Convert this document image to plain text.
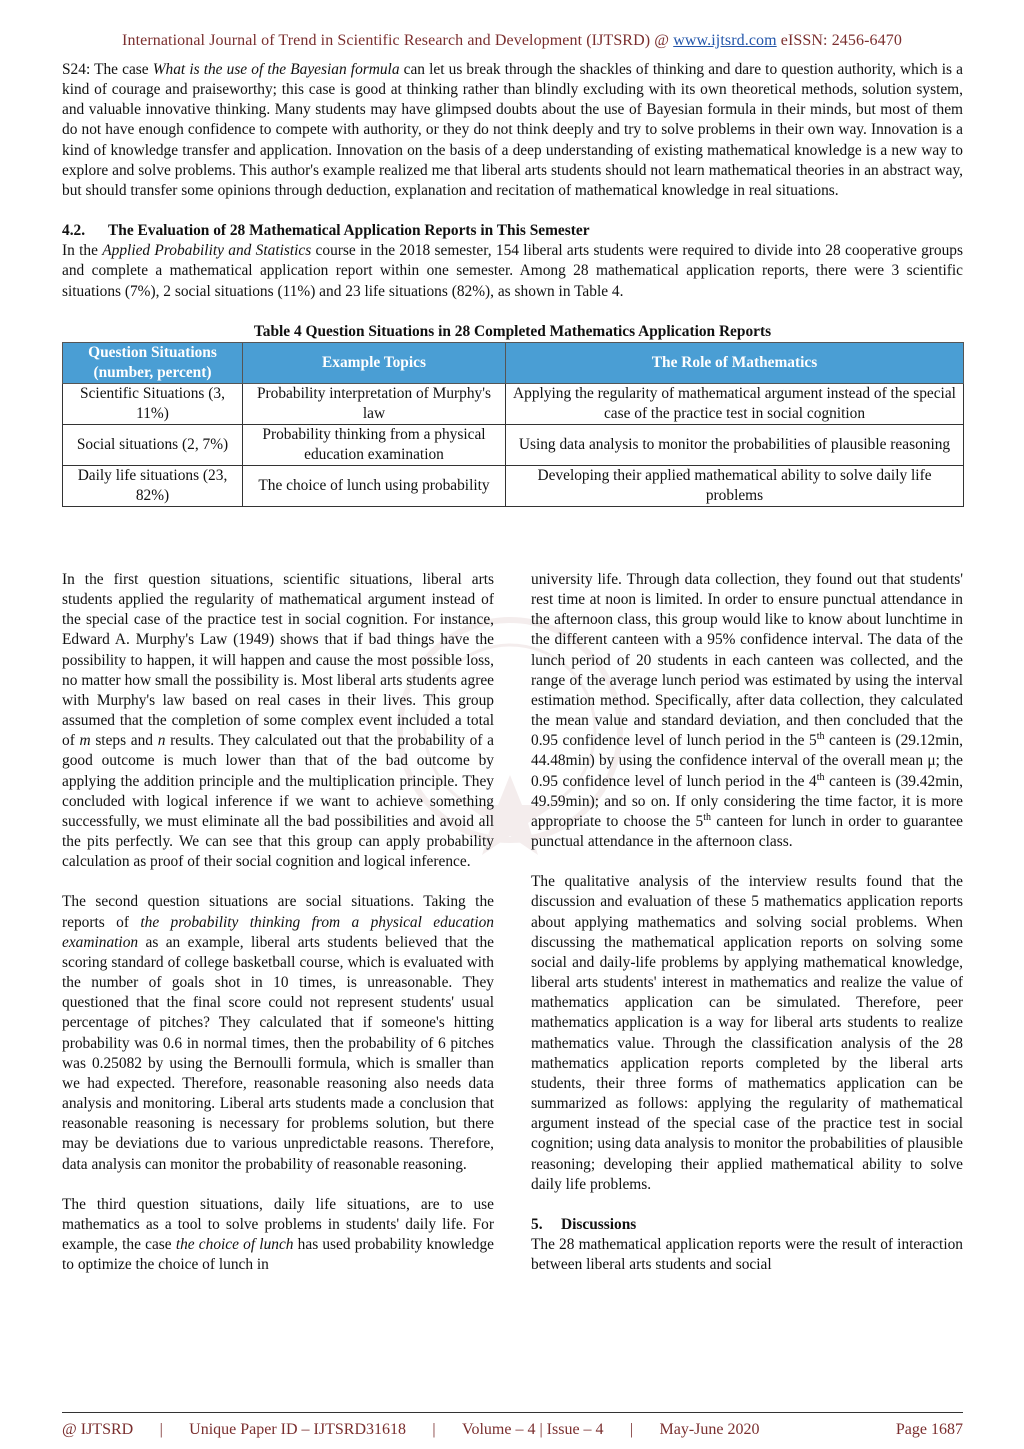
International Journal of Trend in Scientific Research and Development (IJTSRD) @ www.ijtsrd.com eISSN: 2456-6470

S24: The case What is the use of the Bayesian formula can let us break through the shackles of thinking and dare to question authority, which is a kind of courage and praiseworthy; this case is good at thinking rather than blindly excluding with its own theoretical methods, solution system, and valuable innovative thinking. Many students may have glimpsed doubts about the use of Bayesian formula in their minds, but most of them do not have enough confidence to compete with authority, or they do not think deeply and try to solve problems in their own way. Innovation is a kind of knowledge transfer and application. Innovation on the basis of a deep understanding of existing mathematical knowledge is a new way to explore and solve problems. This author's example realized me that liberal arts students should not learn mathematical theories in an abstract way, but should transfer some opinions through deduction, explanation and recitation of mathematical knowledge in real situations.

4.2. The Evaluation of 28 Mathematical Application Reports in This Semester

In the Applied Probability and Statistics course in the 2018 semester, 154 liberal arts students were required to divide into 28 cooperative groups and complete a mathematical application report within one semester. Among 28 mathematical application reports, there were 3 scientific situations (7%), 2 social situations (11%) and 23 life situations (82%), as shown in Table 4.

Table 4 Question Situations in 28 Completed Mathematics Application Reports
Question Situations (number, percent)	Example Topics	The Role of Mathematics
Scientific Situations (3, 11%)	Probability interpretation of Murphy's law	Applying the regularity of mathematical argument instead of the special case of the practice test in social cognition
Social situations (2, 7%)	Probability thinking from a physical education examination	Using data analysis to monitor the probabilities of plausible reasoning
Daily life situations (23, 82%)	The choice of lunch using probability	Developing their applied mathematical ability to solve daily life problems

In the first question situations, scientific situations, liberal arts students applied the regularity of mathematical argument instead of the special case of the practice test in social cognition. For instance, Edward A. Murphy's Law (1949) shows that if bad things have the possibility to happen, it will happen and cause the most possible loss, no matter how small the possibility is. Most liberal arts students agree with Murphy's law based on real cases in their lives. This group assumed that the completion of some complex event included a total of m steps and n results. They calculated out that the probability of a good outcome is much lower than that of the bad outcome by applying the addition principle and the multiplication principle. They concluded with logical inference if we want to achieve something successfully, we must eliminate all the bad possibilities and avoid all the pits perfectly. We can see that this group can apply probability calculation as proof of their social cognition and logical inference.

The second question situations are social situations. Taking the reports of the probability thinking from a physical education examination as an example, liberal arts students believed that the scoring standard of college basketball course, which is evaluated with the number of goals shot in 10 times, is unreasonable. They questioned that the final score could not represent students' usual percentage of pitches? They calculated that if someone's hitting probability was 0.6 in normal times, then the probability of 6 pitches was 0.25082 by using the Bernoulli formula, which is smaller than we had expected. Therefore, reasonable reasoning also needs data analysis and monitoring. Liberal arts students made a conclusion that reasonable reasoning is necessary for problems solution, but there may be deviations due to various unpredictable reasons. Therefore, data analysis can monitor the probability of reasonable reasoning.

The third question situations, daily life situations, are to use mathematics as a tool to solve problems in students' daily life. For example, the case the choice of lunch has used probability knowledge to optimize the choice of lunch in

university life. Through data collection, they found out that students' rest time at noon is limited. In order to ensure punctual attendance in the afternoon class, this group would like to know about lunchtime in the different canteen with a 95% confidence interval. The data of the lunch period of 20 students in each canteen was collected, and the range of the average lunch period was estimated by using the interval estimation method. Specifically, after data collection, they calculated the mean value and standard deviation, and then concluded that the 0.95 confidence level of lunch period in the 5th canteen is (29.12min, 44.48min) by using the confidence interval of the overall mean μ; the 0.95 confidence level of lunch period in the 4th canteen is (39.42min, 49.59min); and so on. If only considering the time factor, it is more appropriate to choose the 5th canteen for lunch in order to guarantee punctual attendance in the afternoon class.

The qualitative analysis of the interview results found that the discussion and evaluation of these 5 mathematics application reports about applying mathematics and solving social problems. When discussing the mathematical application reports on solving some social and daily-life problems by applying mathematical knowledge, liberal arts students' interest in mathematics and realize the value of mathematics application can be simulated. Therefore, peer mathematics application is a way for liberal arts students to realize mathematics value. Through the classification analysis of the 28 mathematics application reports completed by the liberal arts students, their three forms of mathematics application can be summarized as follows: applying the regularity of mathematical argument instead of the special case of the practice test in social cognition; using data analysis to monitor the probabilities of plausible reasoning; developing their applied mathematical ability to solve daily life problems.

5. Discussions

The 28 mathematical application reports were the result of interaction between liberal arts students and social

@ IJTSRD | Unique Paper ID – IJTSRD31618 | Volume – 4 | Issue – 4 | May-June 2020	Page 1687
